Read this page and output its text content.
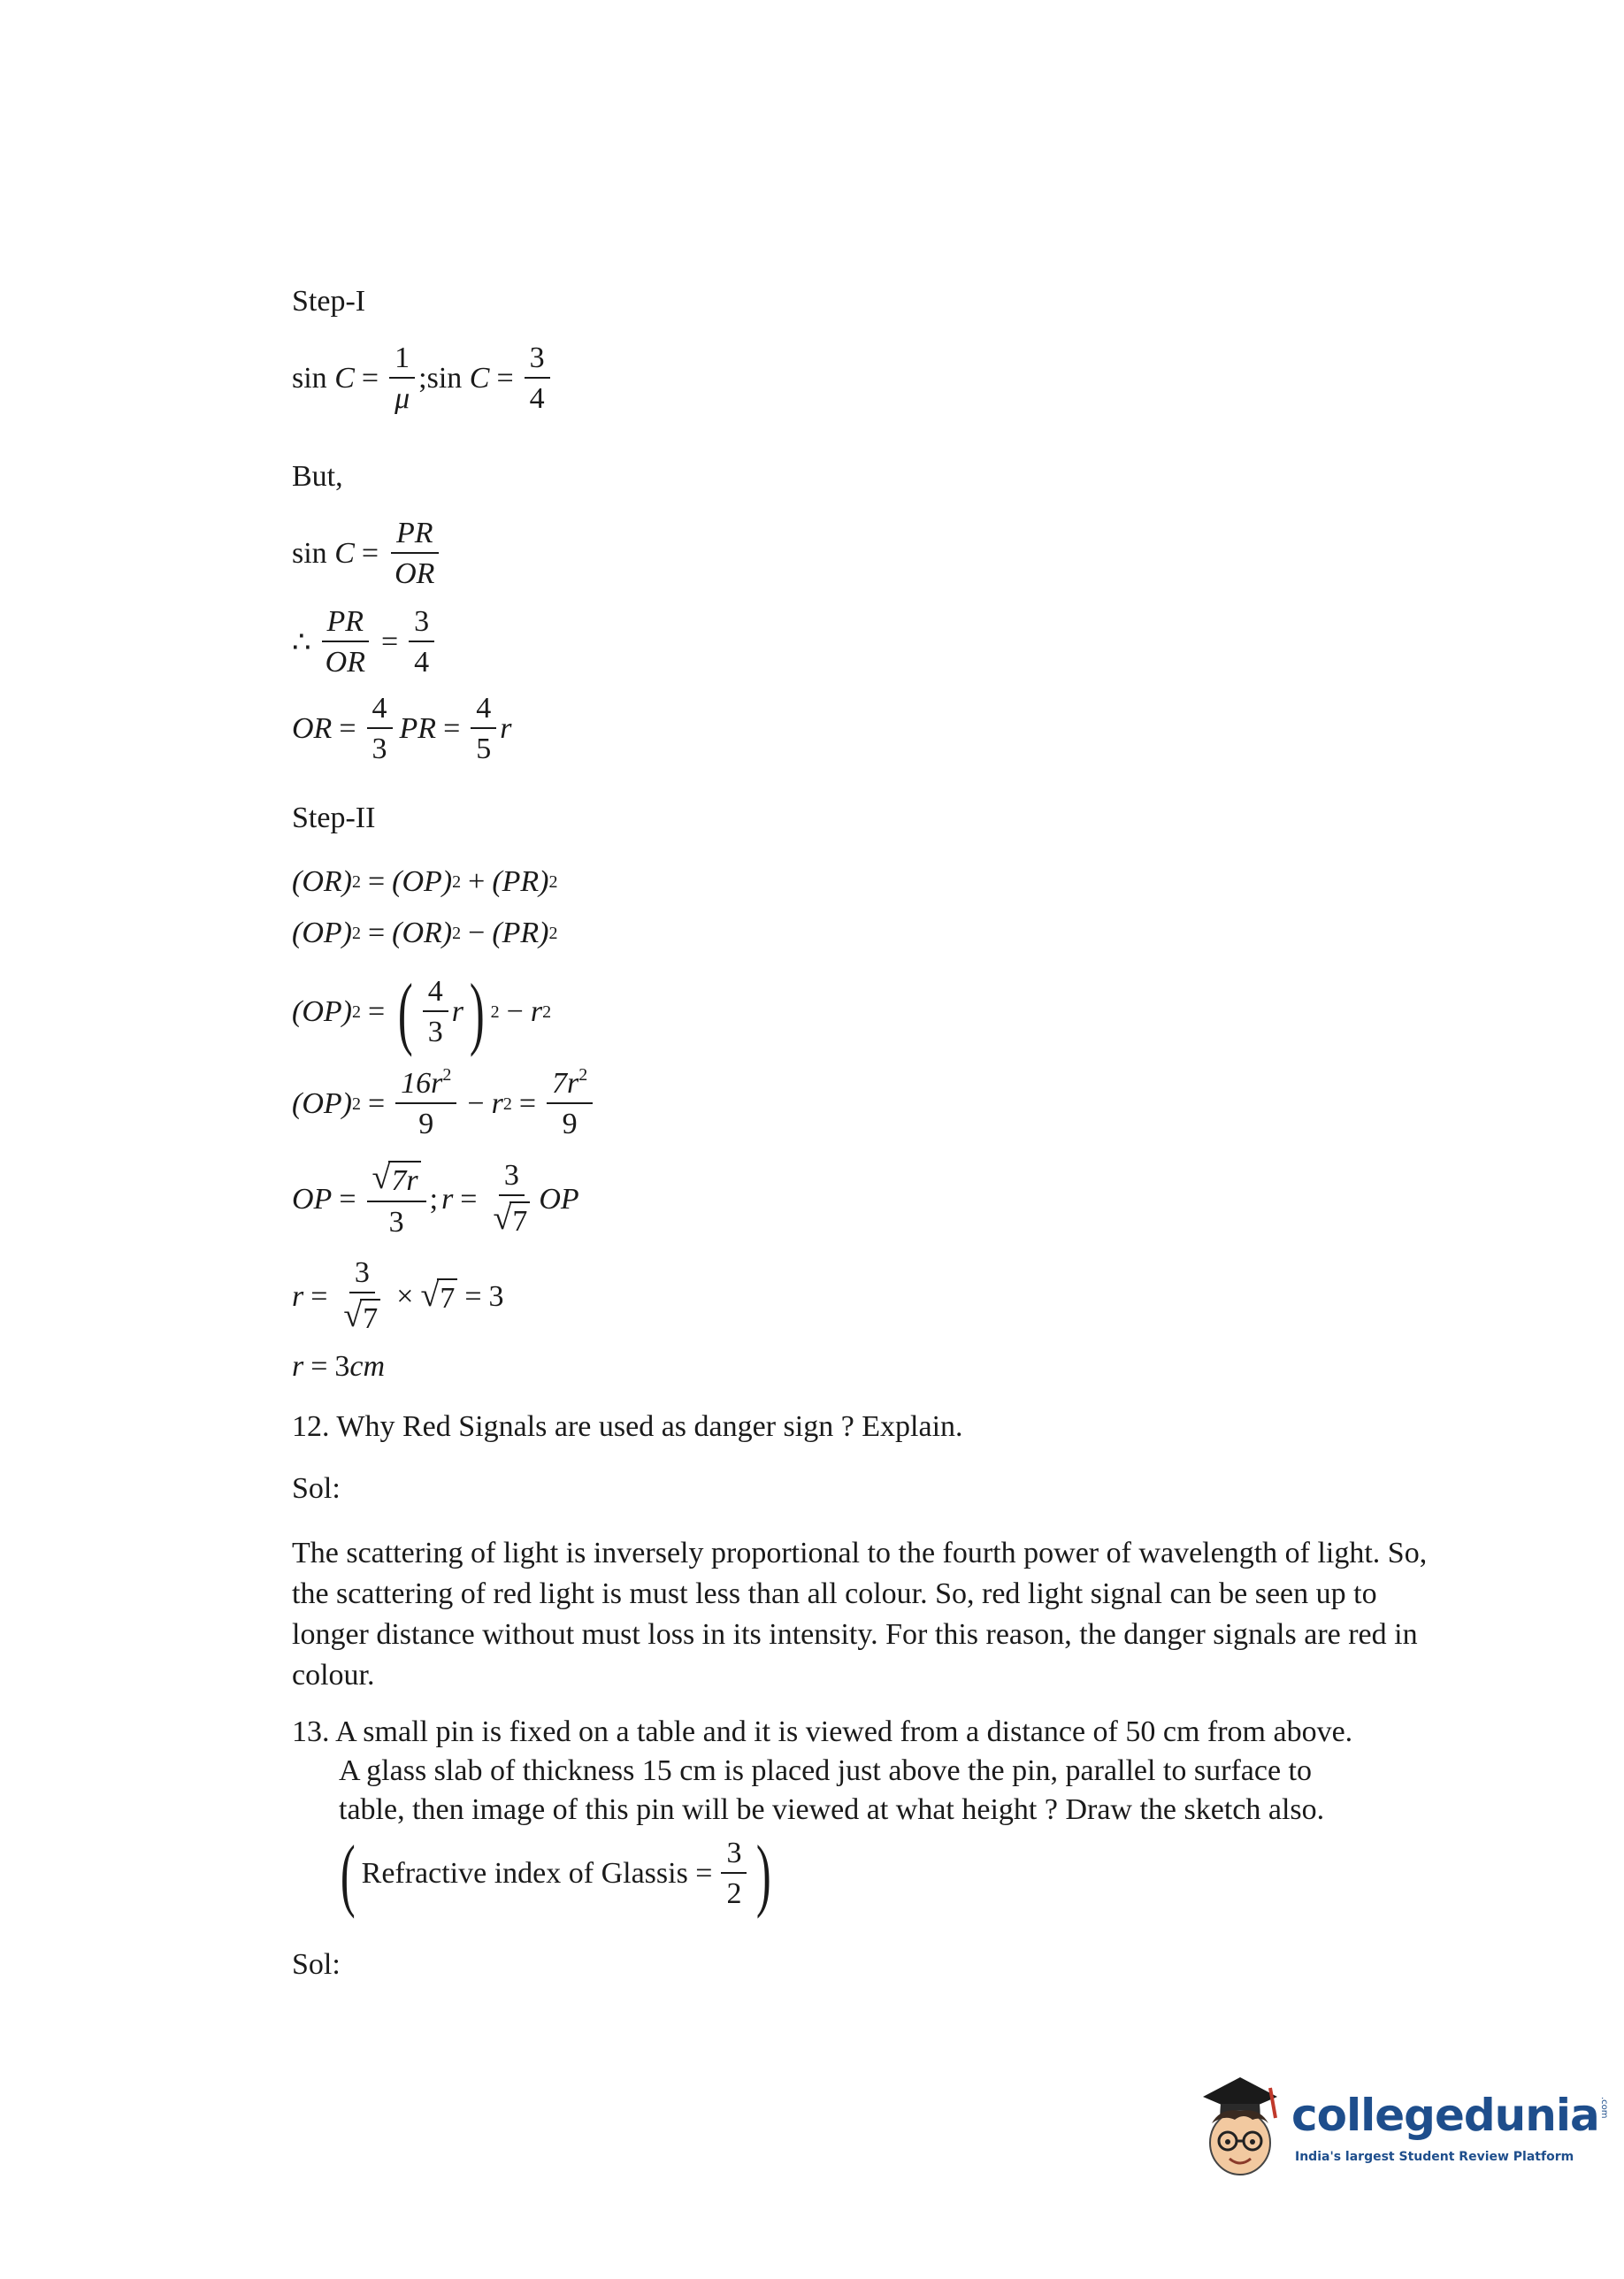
Step-I
sin
$C = \frac{1}{\mu}$ ; sin
$C = \frac{3}{4}$
But,
sin
$C = \frac{PR}{OR}$
∴ $\frac{PR}{OR} = \frac{3}{4}$
OR = $\frac{4}{3}$ PR = $\frac{4}{5}$ r
Step-II
(OR) 2 = (OP) 2 + (PR) 2
(OP) 2 = (OR) 2 − (PR) 2
(OP) 2 = ( $\frac{4}{3}$ r ) 2 − r 2
(OP) $2 = \frac{16r^2}{9} - r$ $2 = \frac{7r^2}{9}$
OP = $\frac{√ 7r}{3}$ ; $r = \frac{3}{√ 7}$ OP
$r = \frac{3}{√ 7}$ × √ 7 = 3
r = 3 cm
12. Why Red Signals are used as danger sign ? Explain.
Sol:
The scattering of light is inversely proportional to the fourth power of wavelength of light. So, the scattering of red light is must less than all colour. So, red light signal can be seen up to longer distance without must loss in its intensity. For this reason, the danger signals are red in colour.
13. A small pin is fixed on a table and it is viewed from a distance of 50 cm from above.
A glass slab of thickness 15 cm is placed just above the pin, parallel to surface to
table, then image of this pin will be viewed at what height ? Draw the sketch also.
( Refractive index of Glassis = $\frac{3}{2}$ )
Sol:
collegedunia .com
India's largest Student Review Platform
